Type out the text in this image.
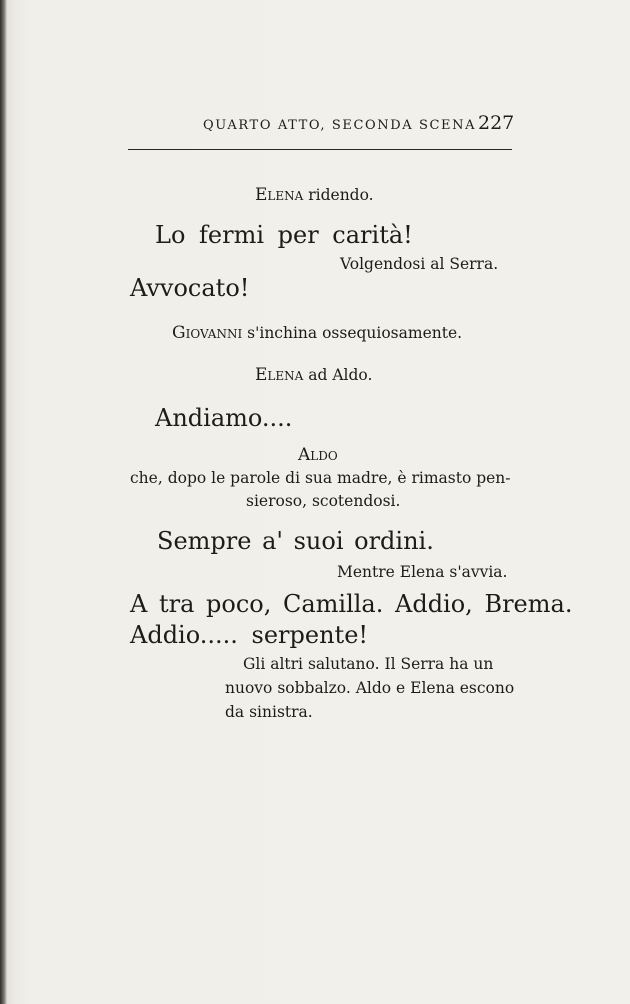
QUARTO ATTO, SECONDA SCENA 227
Elena ridendo.
Lo fermi per carità!
Volgendosi al Serra.
Avvocato!
Giovanni s'inchina ossequiosamente.
Elena ad Aldo.
Andiamo....
Aldo
che, dopo le parole di sua madre, è rimasto pen-
sieroso, scotendosi.
Sempre a' suoi ordini.
Mentre Elena s'avvia.
A tra poco, Camilla. Addio, Brema.
Addio..... serpente!
Gli altri salutano. Il Serra ha un
nuovo sobbalzo. Aldo e Elena escono
da sinistra.
